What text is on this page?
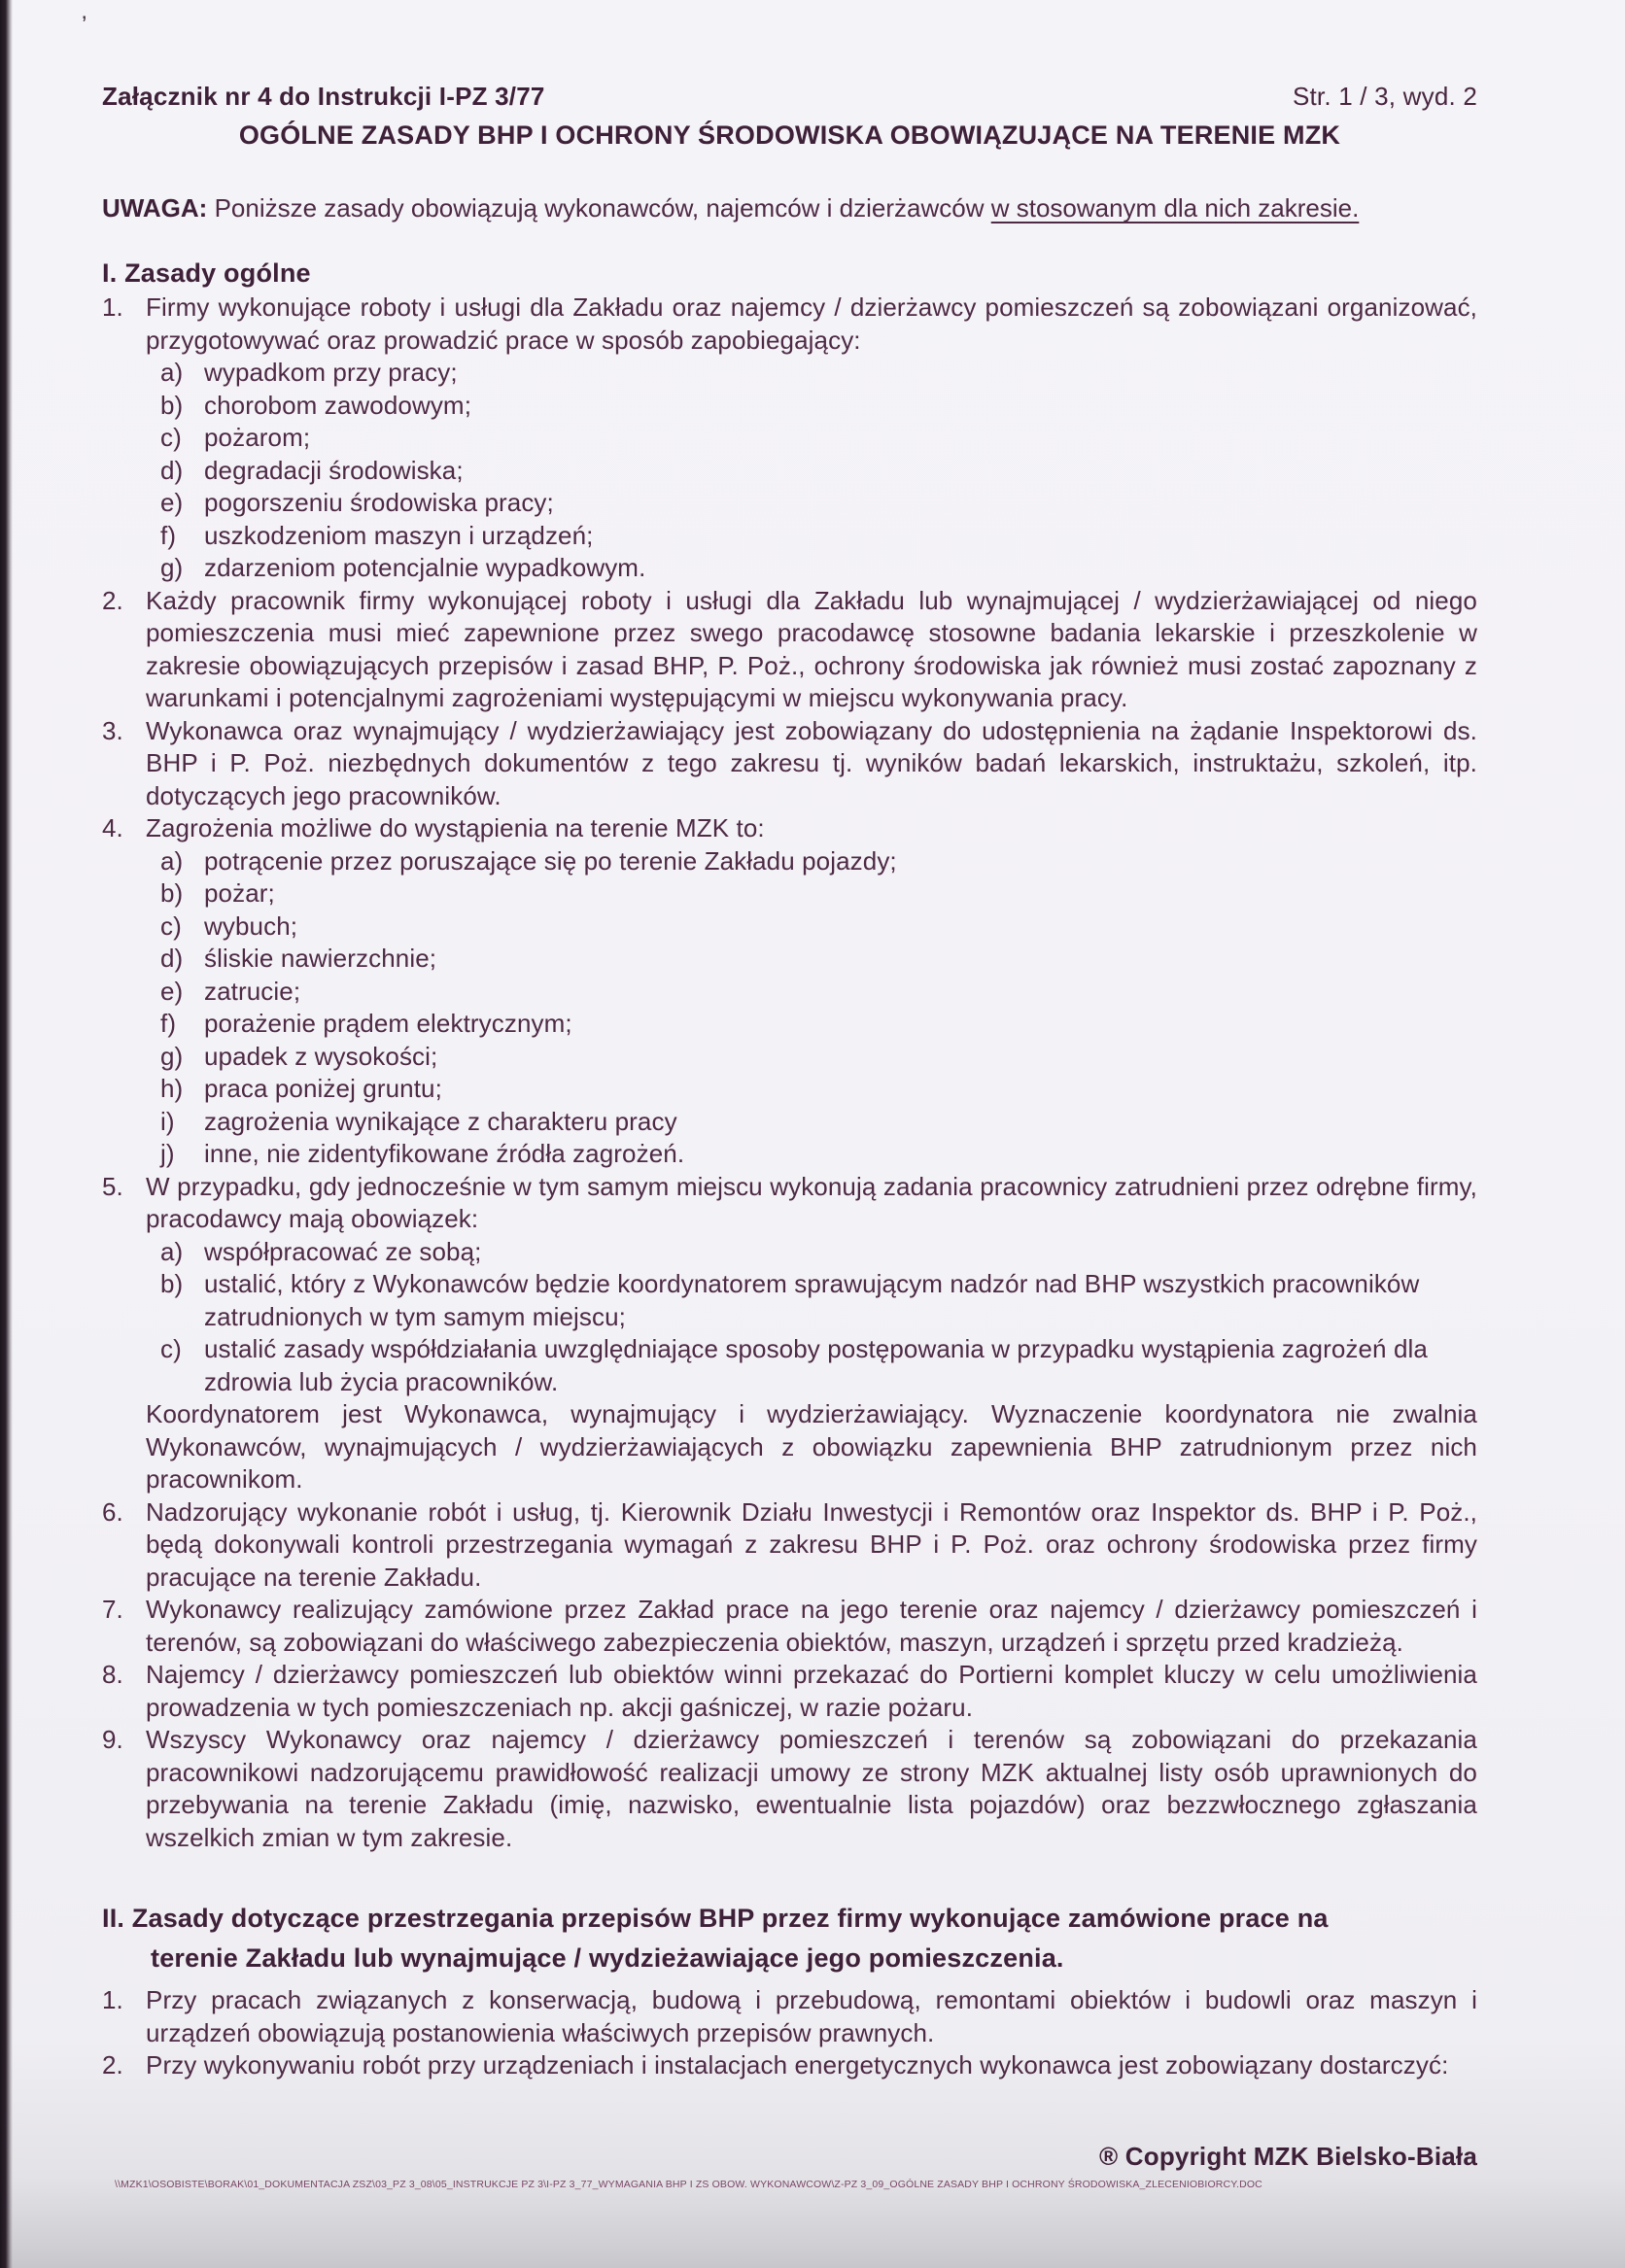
’
Załącznik nr 4 do Instrukcji I-PZ 3/77	Str. 1 / 3, wyd. 2
OGÓLNE ZASADY BHP I OCHRONY ŚRODOWISKA OBOWIĄZUJĄCE NA TERENIE MZK

UWAGA: Poniższe zasady obowiązują wykonawców, najemców i dzierżawców w stosowanym dla nich zakresie.

I. Zasady ogólne
1. Firmy wykonujące roboty i usługi dla Zakładu oraz najemcy / dzierżawcy pomieszczeń są zobowiązani organizować, przygotowywać oraz prowadzić prace w sposób zapobiegający:
a) wypadkom przy pracy;
b) chorobom zawodowym;
c) pożarom;
d) degradacji środowiska;
e) pogorszeniu środowiska pracy;
f)	uszkodzeniom maszyn i urządzeń;
g) zdarzeniom potencjalnie wypadkowym.
2. Każdy pracownik firmy wykonującej roboty i usługi dla Zakładu lub wynajmującej / wydzierżawiającej od niego pomieszczenia musi mieć zapewnione przez swego pracodawcę stosowne badania lekarskie i przeszkolenie w zakresie obowiązujących przepisów i zasad BHP, P. Poż., ochrony środowiska jak również musi zostać zapoznany z warunkami i potencjalnymi zagrożeniami występującymi w miejscu wykonywania pracy.
3. Wykonawca oraz wynajmujący / wydzierżawiający jest zobowiązany do udostępnienia na żądanie Inspektorowi ds. BHP i P. Poż. niezbędnych dokumentów z tego zakresu tj. wyników badań lekarskich, instruktażu, szkoleń, itp. dotyczących jego pracowników.
4. Zagrożenia możliwe do wystąpienia na terenie MZK to:
a) potrącenie przez poruszające się po terenie Zakładu pojazdy;
b) pożar;
c) wybuch;
d) śliskie nawierzchnie;
e) zatrucie;
f)	porażenie prądem elektrycznym;
g) upadek z wysokości;
h) praca poniżej gruntu;
i)	zagrożenia wynikające z charakteru pracy
j)	inne, nie zidentyfikowane źródła zagrożeń.
5. W przypadku, gdy jednocześnie w tym samym miejscu wykonują zadania pracownicy zatrudnieni przez odrębne firmy, pracodawcy mają obowiązek:
a) współpracować ze sobą;
b) ustalić, który z Wykonawców będzie koordynatorem sprawującym nadzór nad BHP wszystkich pracowników zatrudnionych w tym samym miejscu;
c) ustalić zasady współdziałania uwzględniające sposoby postępowania w przypadku wystąpienia zagrożeń dla zdrowia lub życia pracowników.
Koordynatorem jest Wykonawca, wynajmujący i wydzierżawiający. Wyznaczenie koordynatora nie zwalnia Wykonawców, wynajmujących / wydzierżawiających z obowiązku zapewnienia BHP zatrudnionym przez nich pracownikom.
6. Nadzorujący wykonanie robót i usług, tj. Kierownik Działu Inwestycji i Remontów oraz Inspektor ds. BHP i P. Poż., będą dokonywali kontroli przestrzegania wymagań z zakresu BHP i P. Poż. oraz ochrony środowiska przez firmy pracujące na terenie Zakładu.
7. Wykonawcy realizujący zamówione przez Zakład prace na jego terenie oraz najemcy / dzierżawcy pomieszczeń i terenów, są zobowiązani do właściwego zabezpieczenia obiektów, maszyn, urządzeń i sprzętu przed kradzieżą.
8. Najemcy / dzierżawcy pomieszczeń lub obiektów winni przekazać do Portierni komplet kluczy w celu umożliwienia prowadzenia w tych pomieszczeniach np. akcji gaśniczej, w razie pożaru.
9. Wszyscy Wykonawcy oraz najemcy / dzierżawcy pomieszczeń i terenów są zobowiązani do przekazania pracownikowi nadzorującemu prawidłowość realizacji umowy ze strony MZK aktualnej listy osób uprawnionych do przebywania na terenie Zakładu (imię, nazwisko, ewentualnie lista pojazdów) oraz bezzwłocznego zgłaszania wszelkich zmian w tym zakresie.
II. Zasady dotyczące przestrzegania przepisów BHP przez firmy wykonujące zamówione prace na
terenie Zakładu lub wynajmujące / wydzieżawiające jego pomieszczenia.
1. Przy pracach związanych z konserwacją, budową i przebudową, remontami obiektów i budowli oraz maszyn i urządzeń obowiązują postanowienia właściwych przepisów prawnych.
2. Przy wykonywaniu robót przy urządzeniach i instalacjach energetycznych wykonawca jest zobowiązany dostarczyć:
® Copyright MZK Bielsko-Biała
\\MZK1\OSOBISTE\BORAK\01_DOKUMENTACJA ZSZ\03_PZ 3_08\05_INSTRUKCJE PZ 3\I-PZ 3_77_WYMAGANIA BHP I ZS OBOW. WYKONAWCOW\Z-PZ 3_09_OGÓLNE ZASADY BHP I OCHRONY ŚRODOWISKA_ZLECENIOBIORCY.DOC
